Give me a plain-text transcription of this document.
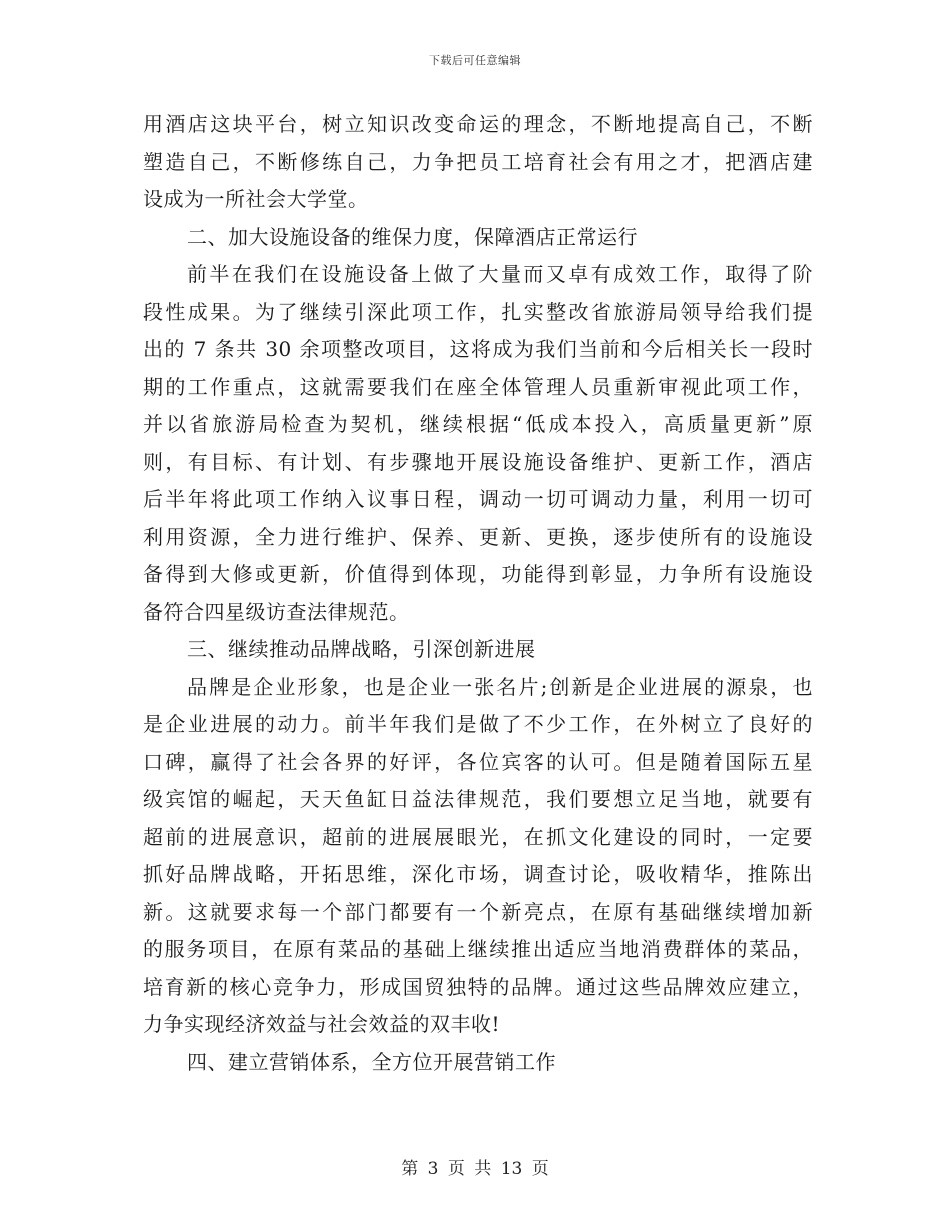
下载后可任意编辑
用酒店这块平台，树立知识改变命运的理念，不断地提高自己，不断
塑造自己，不断修练自己，力争把员工培育社会有用之才，把酒店建
设成为一所社会大学堂。
二、加大设施设备的维保力度，保障酒店正常运行
前半在我们在设施设备上做了大量而又卓有成效工作，取得了阶
段性成果。为了继续引深此项工作，扎实整改省旅游局领导给我们提
出的 7 条共 30 余项整改项目，这将成为我们当前和今后相关长一段时
期的工作重点，这就需要我们在座全体管理人员重新审视此项工作，
并以省旅游局检查为契机，继续根据“低成本投入，高质量更新”原
则，有目标、有计划、有步骤地开展设施设备维护、更新工作，酒店
后半年将此项工作纳入议事日程，调动一切可调动力量，利用一切可
利用资源，全力进行维护、保养、更新、更换，逐步使所有的设施设
备得到大修或更新，价值得到体现，功能得到彰显，力争所有设施设
备符合四星级访查法律规范。
三、继续推动品牌战略，引深创新进展
品牌是企业形象，也是企业一张名片;创新是企业进展的源泉，也
是企业进展的动力。前半年我们是做了不少工作，在外树立了良好的
口碑，赢得了社会各界的好评，各位宾客的认可。但是随着国际五星
级宾馆的崛起，天天鱼缸日益法律规范，我们要想立足当地，就要有
超前的进展意识，超前的进展展眼光，在抓文化建设的同时，一定要
抓好品牌战略，开拓思维，深化市场，调查讨论，吸收精华，推陈出
新。这就要求每一个部门都要有一个新亮点，在原有基础继续增加新
的服务项目，在原有菜品的基础上继续推出适应当地消费群体的菜品，
培育新的核心竞争力，形成国贸独特的品牌。通过这些品牌效应建立，
力争实现经济效益与社会效益的双丰收!
四、建立营销体系，全方位开展营销工作
第 3 页 共 13 页
